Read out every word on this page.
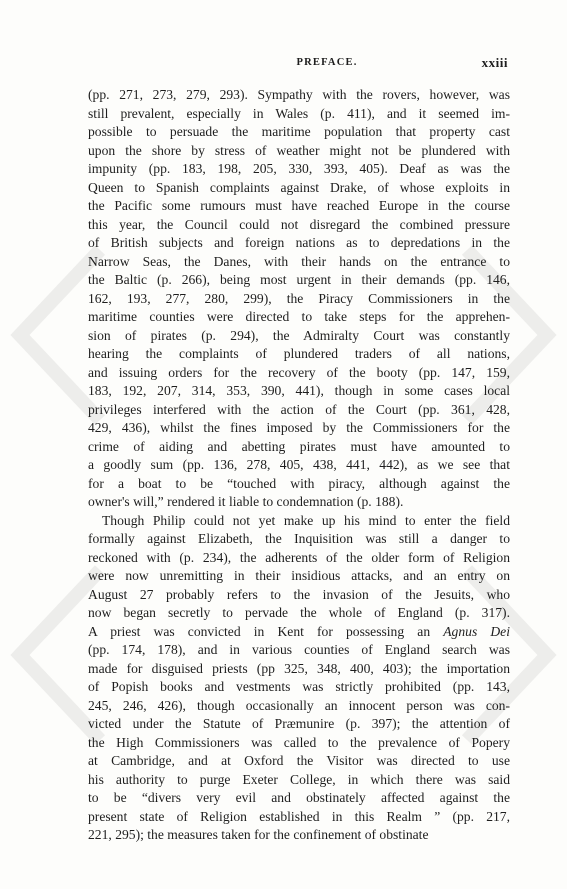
PREFACE.	xxiii
(pp. 271, 273, 279, 293). Sympathy with the rovers, however, was
still prevalent, especially in Wales (p. 411), and it seemed im-
possible to persuade the maritime population that property cast
upon the shore by stress of weather might not be plundered with
impunity (pp. 183, 198, 205, 330, 393, 405). Deaf as was the
Queen to Spanish complaints against Drake, of whose exploits in
the Pacific some rumours must have reached Europe in the course
this year, the Council could not disregard the combined pressure
of British subjects and foreign nations as to depredations in the
Narrow Seas, the Danes, with their hands on the entrance to
the Baltic (p. 266), being most urgent in their demands (pp. 146,
162, 193, 277, 280, 299), the Piracy Commissioners in the
maritime counties were directed to take steps for the apprehen-
sion of pirates (p. 294), the Admiralty Court was constantly
hearing the complaints of plundered traders of all nations,
and issuing orders for the recovery of the booty (pp. 147, 159,
183, 192, 207, 314, 353, 390, 441), though in some cases local
privileges interfered with the action of the Court (pp. 361, 428,
429, 436), whilst the fines imposed by the Commissioners for the
crime of aiding and abetting pirates must have amounted to
a goodly sum (pp. 136, 278, 405, 438, 441, 442), as we see that
for a boat to be “touched with piracy, although against the
owner's will,” rendered it liable to condemnation (p. 188).
Though Philip could not yet make up his mind to enter the field
formally against Elizabeth, the Inquisition was still a danger to
reckoned with (p. 234), the adherents of the older form of Religion
were now unremitting in their insidious attacks, and an entry on
August 27 probably refers to the invasion of the Jesuits, who
now began secretly to pervade the whole of England (p. 317).
A priest was convicted in Kent for possessing an Agnus Dei
(pp. 174, 178), and in various counties of England search was
made for disguised priests (pp 325, 348, 400, 403); the importation
of Popish books and vestments was strictly prohibited (pp. 143,
245, 246, 426), though occasionally an innocent person was con-
victed under the Statute of Præmunire (p. 397); the attention of
the High Commissioners was called to the prevalence of Popery
at Cambridge, and at Oxford the Visitor was directed to use
his authority to purge Exeter College, in which there was said
to be “divers very evil and obstinately affected against the
present state of Religion established in this Realm ” (pp. 217,
221, 295); the measures taken for the confinement of obstinate
